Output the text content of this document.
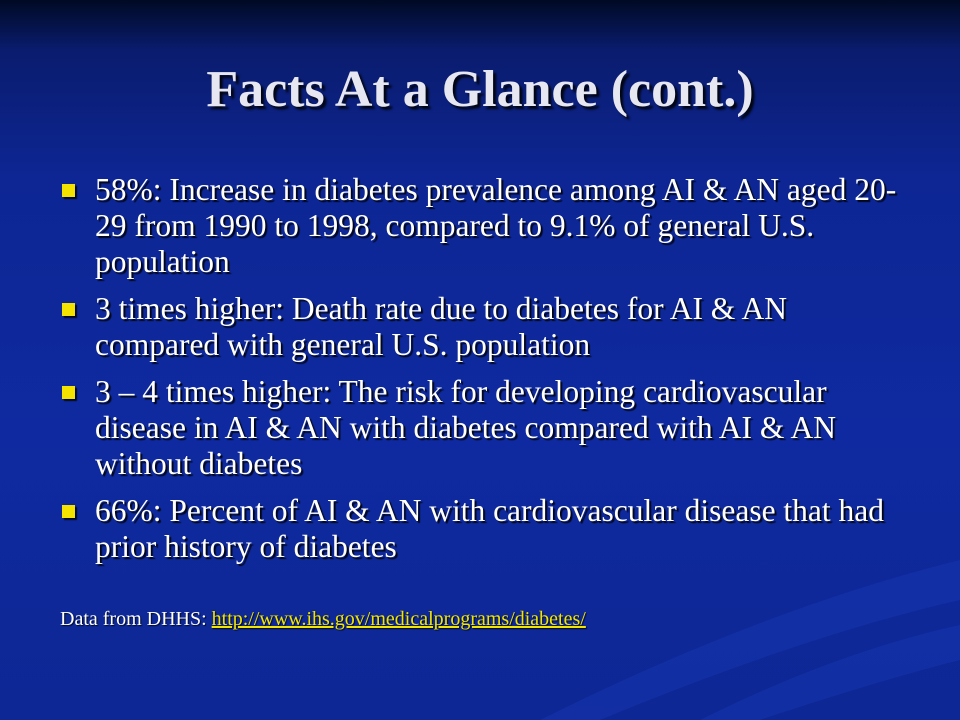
Facts At a Glance (cont.)
58%: Increase in diabetes prevalence among AI & AN aged 20-29 from 1990 to 1998, compared to 9.1% of general U.S. population
3 times higher: Death rate due to diabetes for AI & AN compared with general U.S. population
3 – 4 times higher: The risk for developing cardiovascular disease in AI & AN with diabetes compared with AI & AN without diabetes
66%: Percent of AI & AN with cardiovascular disease that had prior history of diabetes
Data from DHHS: http://www.ihs.gov/medicalprograms/diabetes/
